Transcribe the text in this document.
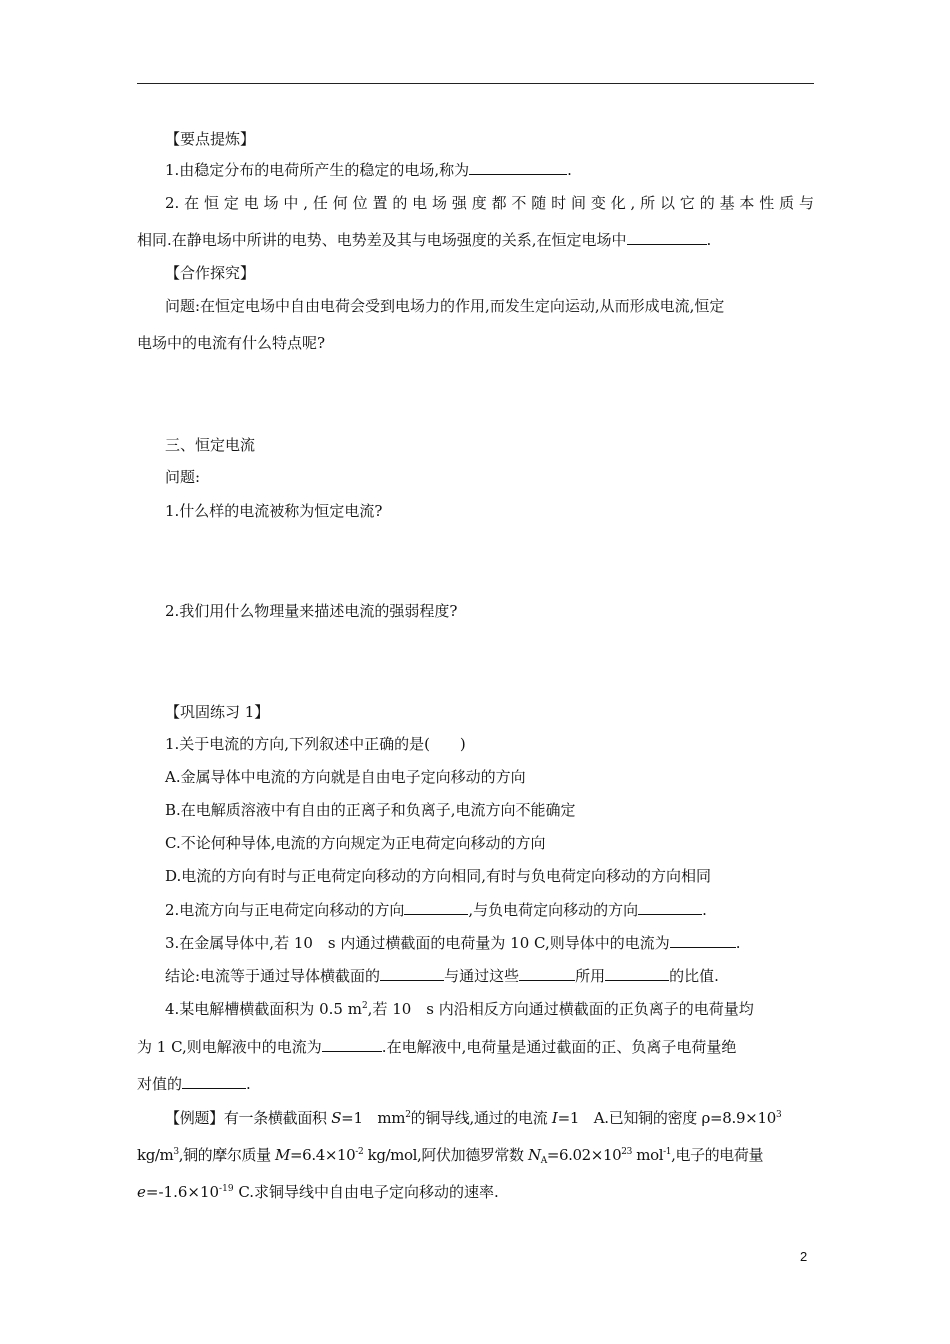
【要点提炼】
1.由稳定分布的电荷所产生的稳定的电场,称为	.
2.在恒定电场中,任何位置的电场强度都不随时间变化,所以它的基本性质与
相同.在静电场中所讲的电势、电势差及其与电场强度的关系,在恒定电场中	.
【合作探究】
问题:在恒定电场中自由电荷会受到电场力的作用,而发生定向运动,从而形成电流,恒定
电场中的电流有什么特点呢?
三、恒定电流
问题:
1.什么样的电流被称为恒定电流?
2.我们用什么物理量来描述电流的强弱程度?
【巩固练习 1】
1.关于电流的方向,下列叙述中正确的是(　　)
A.金属导体中电流的方向就是自由电子定向移动的方向
B.在电解质溶液中有自由的正离子和负离子,电流方向不能确定
C.不论何种导体,电流的方向规定为正电荷定向移动的方向
D.电流的方向有时与正电荷定向移动的方向相同,有时与负电荷定向移动的方向相同
2.电流方向与正电荷定向移动的方向	,与负电荷定向移动的方向	.
3.在金属导体中,若 10　s 内通过横截面的电荷量为 10 C,则导体中的电流为	.
结论:电流等于通过导体横截面的	与通过这些	所用	的比值.
4.某电解槽横截面积为 0.5 $m^2$,若 10　s 内沿相反方向通过横截面的正负离子的电荷量均
为 1 C,则电解液中的电流为	.在电解液中,电荷量是通过截面的正、负离子电荷量绝
对值的	.
【例题】有一条横截面积 S=1　$mm^2$的铜导线,通过的电流 I=1　A.已知铜的密度 $\rho=8.9\times 10^3$
$kg/m^3$,铜的摩尔质量 $M=6.4\times 10^{-2}$ kg/mol,阿伏加德罗常数 $N_A=6.02\times 10^{23}$ mol$^{-1}$,电子的电荷量
$e=-1.6\times 10^{-19}$ C.求铜导线中自由电子定向移动的速率.
2
